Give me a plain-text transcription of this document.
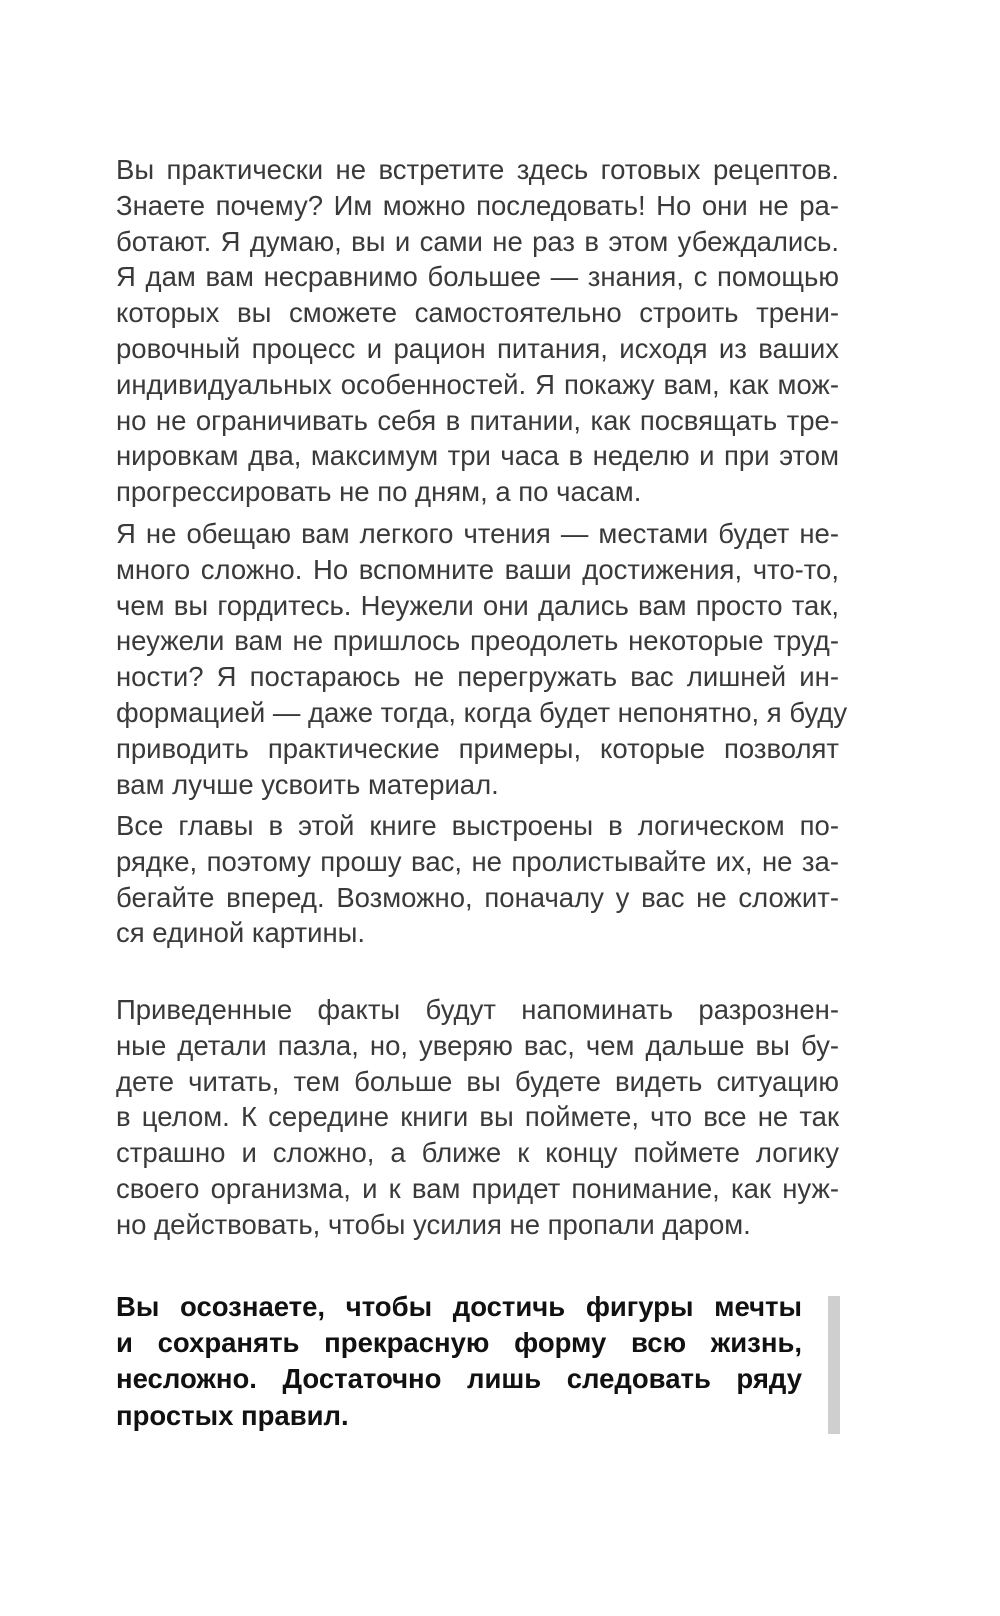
Вы практически не встретите здесь готовых рецептов.
Знаете почему? Им можно последовать! Но они не ра-
ботают. Я думаю, вы и сами не раз в этом убеждались.
Я дам вам несравнимо большее — знания, с помощью
которых вы сможете самостоятельно строить трени-
ровочный процесс и рацион питания, исходя из ваших
индивидуальных особенностей. Я покажу вам, как мож-
но не ограничивать себя в питании, как посвящать тре-
нировкам два, максимум три часа в неделю и при этом
прогрессировать не по дням, а по часам.

Я не обещаю вам легкого чтения — местами будет не-
много сложно. Но вспомните ваши достижения, что-то,
чем вы гордитесь. Неужели они дались вам просто так,
неужели вам не пришлось преодолеть некоторые труд-
ности? Я постараюсь не перегружать вас лишней ин-
формацией — даже тогда, когда будет непонятно, я буду
приводить практические примеры, которые позволят
вам лучше усвоить материал.

Все главы в этой книге выстроены в логическом по-
рядке, поэтому прошу вас, не пролистывайте их, не за-
бегайте вперед. Возможно, поначалу у вас не сложит-
ся единой картины.

Приведенные факты будут напоминать разрознен-
ные детали пазла, но, уверяю вас, чем дальше вы бу-
дете читать, тем больше вы будете видеть ситуацию
в целом. К середине книги вы поймете, что все не так
страшно и сложно, а ближе к концу поймете логику
своего организма, и к вам придет понимание, как нуж-
но действовать, чтобы усилия не пропали даром.

Вы осознаете, чтобы достичь фигуры мечты
и сохранять прекрасную форму всю жизнь,
несложно. Достаточно лишь следовать ряду
простых правил.
